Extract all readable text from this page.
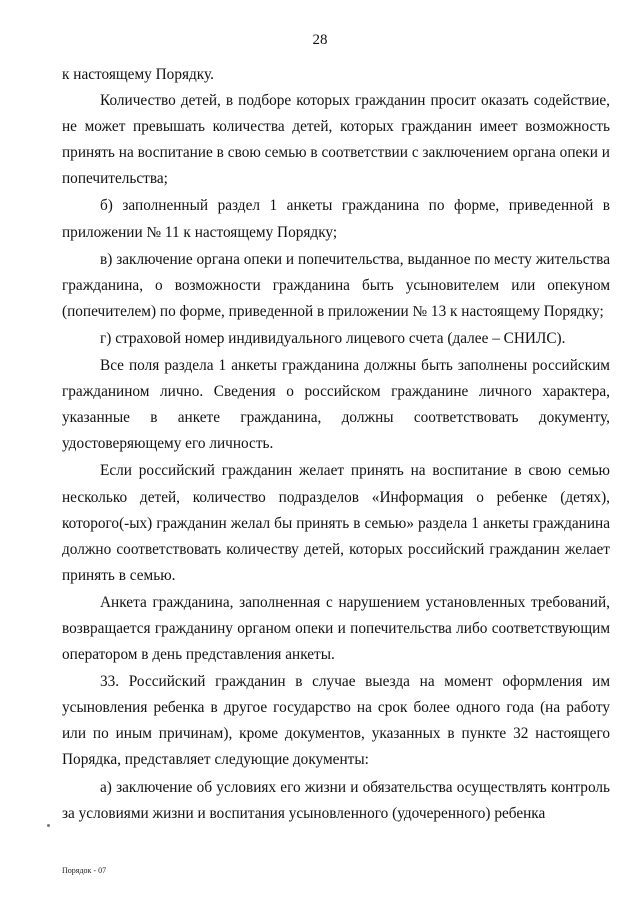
28

к настоящему Порядку.

Количество детей, в подборе которых гражданин просит оказать содействие, не может превышать количества детей, которых гражданин имеет возможность принять на воспитание в свою семью в соответствии с заключением органа опеки и попечительства;

б) заполненный раздел 1 анкеты гражданина по форме, приведенной в приложении № 11 к настоящему Порядку;

в) заключение органа опеки и попечительства, выданное по месту жительства гражданина, о возможности гражданина быть усыновителем или опекуном (попечителем) по форме, приведенной в приложении № 13 к настоящему Порядку;

г) страховой номер индивидуального лицевого счета (далее – СНИЛС).

Все поля раздела 1 анкеты гражданина должны быть заполнены российским гражданином лично. Сведения о российском гражданине личного характера, указанные в анкете гражданина, должны соответствовать документу, удостоверяющему его личность.

Если российский гражданин желает принять на воспитание в свою семью несколько детей, количество подразделов «Информация о ребенке (детях), которого(-ых) гражданин желал бы принять в семью» раздела 1 анкеты гражданина должно соответствовать количеству детей, которых российский гражданин желает принять в семью.

Анкета гражданина, заполненная с нарушением установленных требований, возвращается гражданину органом опеки и попечительства либо соответствующим оператором в день представления анкеты.

33. Российский гражданин в случае выезда на момент оформления им усыновления ребенка в другое государство на срок более одного года (на работу или по иным причинам), кроме документов, указанных в пункте 32 настоящего Порядка, представляет следующие документы:

а) заключение об условиях его жизни и обязательства осуществлять контроль за условиями жизни и воспитания усыновленного (удочеренного) ребенка

Порядок - 07
